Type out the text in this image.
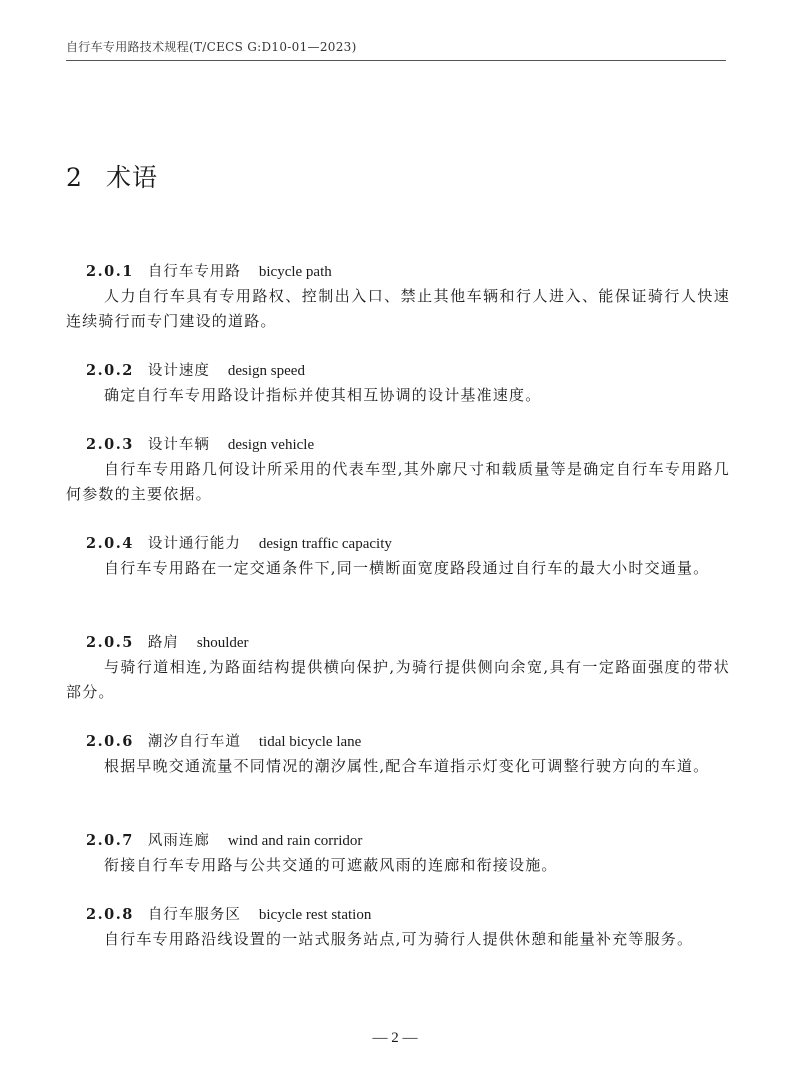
自行车专用路技术规程(T/CECS G:D10-01—2023)
2 术语
2.0.1 自行车专用路 bicycle path

人力自行车具有专用路权、控制出入口、禁止其他车辆和行人进入、能保证骑行人快速连续骑行而专门建设的道路。

2.0.2 设计速度 design speed

确定自行车专用路设计指标并使其相互协调的设计基准速度。

2.0.3 设计车辆 design vehicle

自行车专用路几何设计所采用的代表车型,其外廓尺寸和载质量等是确定自行车专用路几何参数的主要依据。

2.0.4 设计通行能力 design traffic capacity

自行车专用路在一定交通条件下,同一横断面宽度路段通过自行车的最大小时交通量。

2.0.5 路肩 shoulder

与骑行道相连,为路面结构提供横向保护,为骑行提供侧向余宽,具有一定路面强度的带状部分。

2.0.6 潮汐自行车道 tidal bicycle lane

根据早晚交通流量不同情况的潮汐属性,配合车道指示灯变化可调整行驶方向的车道。

2.0.7 风雨连廊 wind and rain corridor

衔接自行车专用路与公共交通的可遮蔽风雨的连廊和衔接设施。

2.0.8 自行车服务区 bicycle rest station

自行车专用路沿线设置的一站式服务站点,可为骑行人提供休憩和能量补充等服务。

— 2 —
